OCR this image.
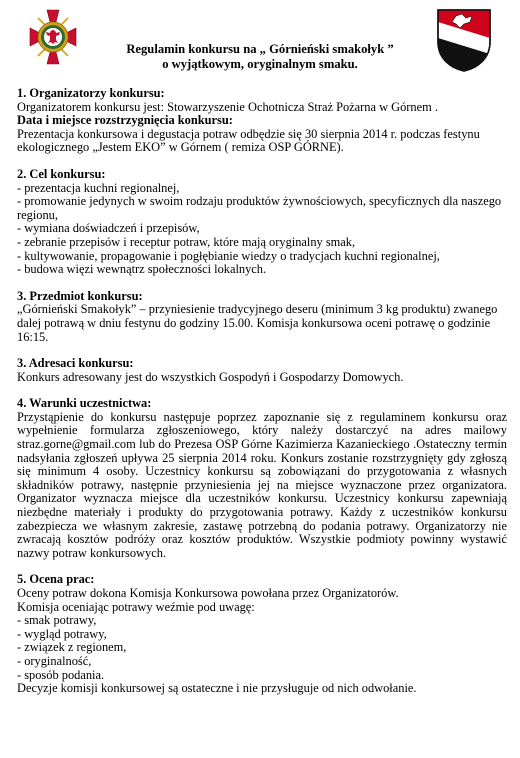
Regulamin konkursu na „ Górnieński smakołyk ”
o wyjątkowym, oryginalnym smaku.

1. Organizatorzy konkursu:

Organizatorem konkursu jest: Stowarzyszenie Ochotnicza Straż Pożarna w Górnem .

Data i miejsce rozstrzygnięcia konkursu:

Prezentacja konkursowa i degustacja potraw odbędzie się 30 sierpnia 2014 r. podczas festynu ekologicznego „Jestem EKO” w Górnem ( remiza OSP GÓRNE).

2. Cel konkursu:

- prezentacja kuchni regionalnej,

- promowanie jedynych w swoim rodzaju produktów żywnościowych, specyficznych dla naszego regionu,

- wymiana doświadczeń i przepisów,

- zebranie przepisów i receptur potraw, które mają oryginalny smak,

- kultywowanie, propagowanie i pogłębianie wiedzy o tradycjach kuchni regionalnej,

- budowa więzi wewnątrz społeczności lokalnych.

3. Przedmiot konkursu:

„Górnieński Smakołyk” – przyniesienie tradycyjnego deseru (minimum 3 kg produktu) zwanego dalej potrawą w dniu festynu do godziny 15.00. Komisja konkursowa oceni potrawę o godzinie 16:15.

3. Adresaci konkursu:

Konkurs adresowany jest do wszystkich Gospodyń i Gospodarzy Domowych.

4. Warunki uczestnictwa:

Przystąpienie do konkursu następuje poprzez zapoznanie się z regulaminem konkursu oraz wypełnienie formularza zgłoszeniowego, który należy dostarczyć na adres mailowy straz.gorne@gmail.com lub do Prezesa OSP Górne Kazimierza Kazanieckiego .Ostateczny termin nadsyłania zgłoszeń upływa 25 sierpnia 2014 roku. Konkurs zostanie rozstrzygnięty gdy zgłoszą się minimum 4 osoby. Uczestnicy konkursu są zobowiązani do przygotowania z własnych składników potrawy, następnie przyniesienia jej na miejsce wyznaczone przez organizatora. Organizator wyznacza miejsce dla uczestników konkursu. Uczestnicy konkursu zapewniają niezbędne materiały i produkty do przygotowania potrawy. Każdy z uczestników konkursu zabezpiecza we własnym zakresie, zastawę potrzebną do podania potrawy. Organizatorzy nie zwracają kosztów podróży oraz kosztów produktów. Wszystkie podmioty powinny wystawić nazwy potraw konkursowych.

5. Ocena prac:

Oceny potraw dokona Komisja Konkursowa powołana przez Organizatorów.

Komisja oceniając potrawy weźmie pod uwagę:

- smak potrawy,

- wygląd potrawy,

- związek z regionem,

- oryginalność,

- sposób podania.

Decyzje komisji konkursowej są ostateczne i nie przysługuje od nich odwołanie.
